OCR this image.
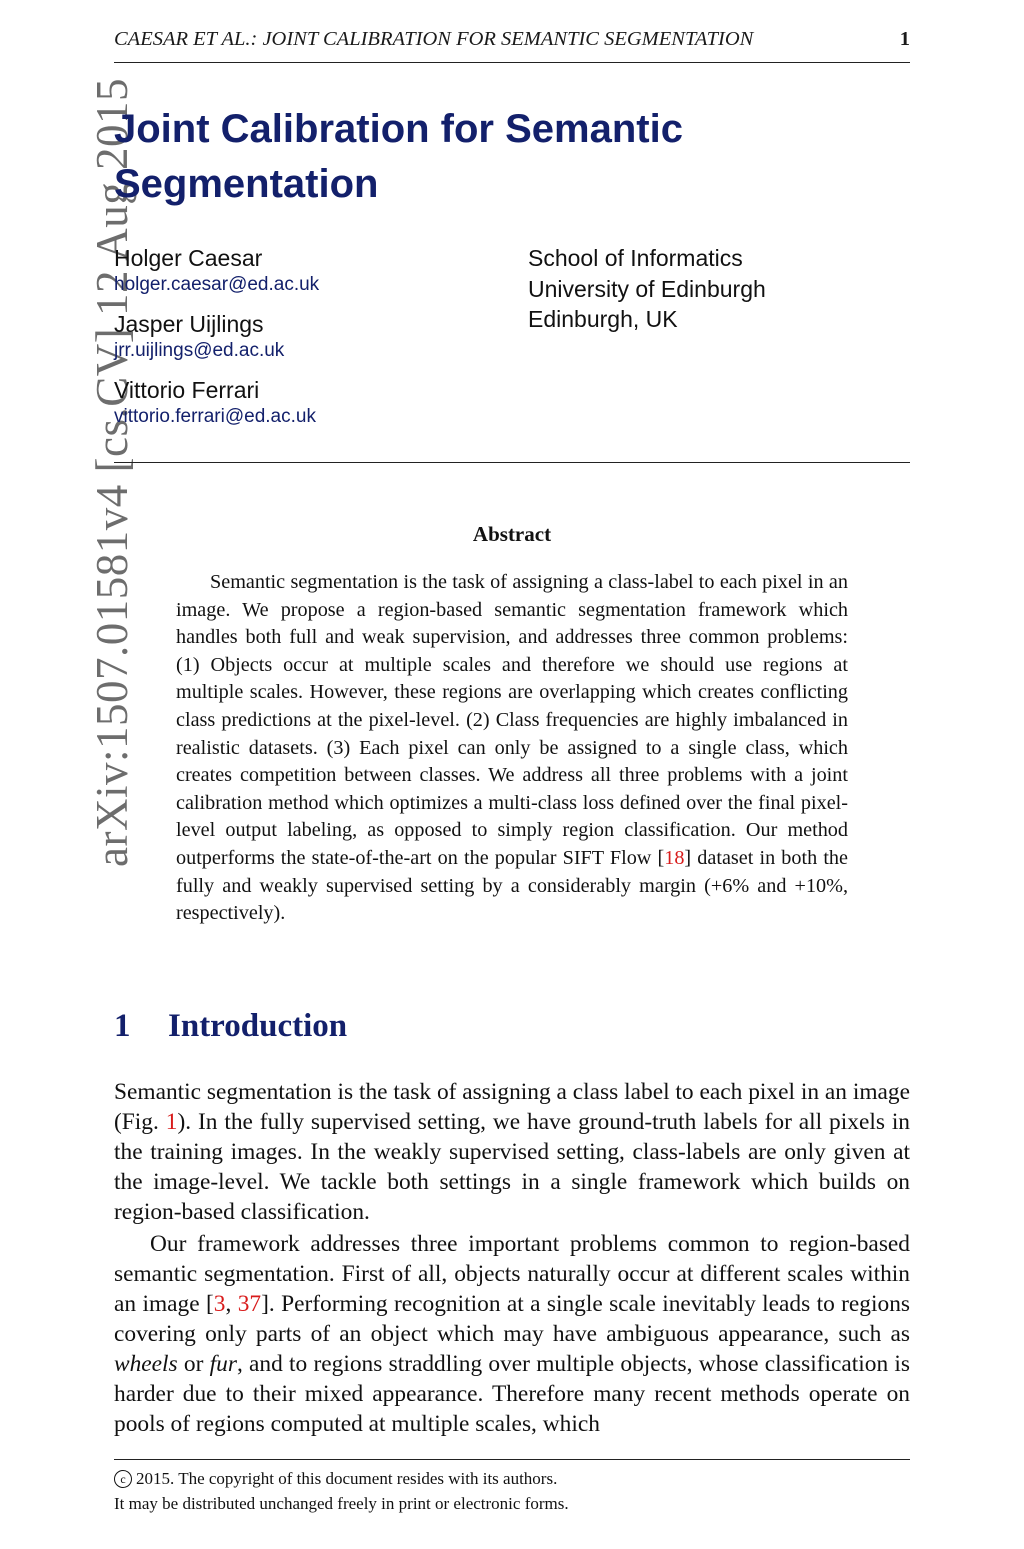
CAESAR ET AL.: JOINT CALIBRATION FOR SEMANTIC SEGMENTATION	1
arXiv:1507.01581v4 [cs.CV] 12 Aug 2015
Joint Calibration for Semantic Segmentation
Holger Caesar
holger.caesar@ed.ac.uk
Jasper Uijlings
jrr.uijlings@ed.ac.uk
Vittorio Ferrari
vittorio.ferrari@ed.ac.uk
School of Informatics
University of Edinburgh
Edinburgh, UK
Abstract

Semantic segmentation is the task of assigning a class-label to each pixel in an image. We propose a region-based semantic segmentation framework which handles both full and weak supervision, and addresses three common problems: (1) Objects occur at multiple scales and therefore we should use regions at multiple scales. However, these regions are overlapping which creates conflicting class predictions at the pixel-level. (2) Class frequencies are highly imbalanced in realistic datasets. (3) Each pixel can only be assigned to a single class, which creates competition between classes. We address all three problems with a joint calibration method which optimizes a multi-class loss defined over the final pixel-level output labeling, as opposed to simply region classification. Our method outperforms the state-of-the-art on the popular SIFT Flow [18] dataset in both the fully and weakly supervised setting by a considerably margin (+6% and +10%, respectively).

1 Introduction

Semantic segmentation is the task of assigning a class label to each pixel in an image (Fig. 1). In the fully supervised setting, we have ground-truth labels for all pixels in the training images. In the weakly supervised setting, class-labels are only given at the image-level. We tackle both settings in a single framework which builds on region-based classification.

Our framework addresses three important problems common to region-based semantic segmentation. First of all, objects naturally occur at different scales within an image [3, 37]. Performing recognition at a single scale inevitably leads to regions covering only parts of an object which may have ambiguous appearance, such as wheels or fur, and to regions straddling over multiple objects, whose classification is harder due to their mixed appearance. Therefore many recent methods operate on pools of regions computed at multiple scales, which

c 2015. The copyright of this document resides with its authors.
It may be distributed unchanged freely in print or electronic forms.
